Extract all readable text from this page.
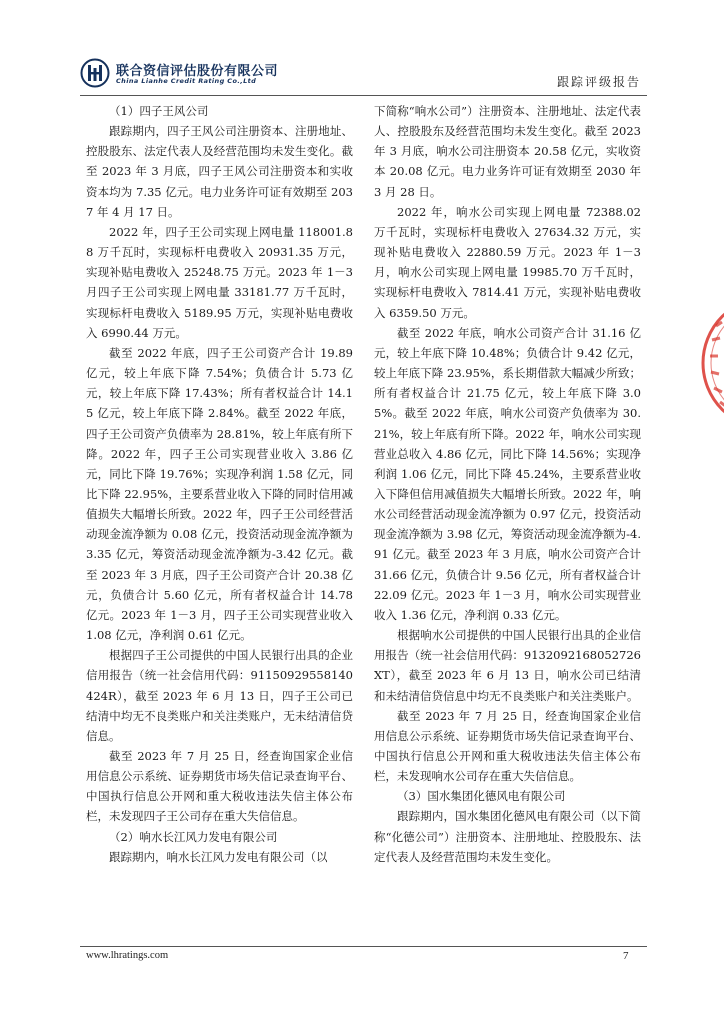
联合资信评估股份有限公司
China Lianhe Credit Rating Co.,Ltd	跟踪评级报告
（1）四子王风公司

跟踪期内，四子王风公司注册资本、注册地址、控股股东、法定代表人及经营范围均未发生变化。截至 2023 年 3 月底，四子王风公司注册资本和实收资本均为 7.35 亿元。电力业务许可证有效期至 2037 年 4 月 17 日。

2022 年，四子王公司实现上网电量 118001.88 万千瓦时，实现标杆电费收入 20931.35 万元，实现补贴电费收入 25248.75 万元。2023 年 1－3 月四子王公司实现上网电量 33181.77 万千瓦时，实现标杆电费收入 5189.95 万元，实现补贴电费收入 6990.44 万元。

截至 2022 年底，四子王公司资产合计 19.89 亿元，较上年底下降 7.54%；负债合计 5.73 亿元，较上年底下降 17.43%；所有者权益合计 14.15 亿元，较上年底下降 2.84%。截至 2022 年底，四子王公司资产负债率为 28.81%，较上年底有所下降。2022 年，四子王公司实现营业收入 3.86 亿元，同比下降 19.76%；实现净利润 1.58 亿元，同比下降 22.95%，主要系营业收入下降的同时信用减值损失大幅增长所致。2022 年，四子王公司经营活动现金流净额为 0.08 亿元，投资活动现金流净额为 3.35 亿元，筹资活动现金流净额为-3.42 亿元。截至 2023 年 3 月底，四子王公司资产合计 20.38 亿元，负债合计 5.60 亿元，所有者权益合计 14.78 亿元。2023 年 1－3 月，四子王公司实现营业收入 1.08 亿元，净利润 0.61 亿元。

根据四子王公司提供的中国人民银行出具的企业信用报告（统一社会信用代码：91150929558140424R），截至 2023 年 6 月 13 日，四子王公司已结清中均无不良类账户和关注类账户，无未结清信贷信息。

截至 2023 年 7 月 25 日，经查询国家企业信用信息公示系统、证券期货市场失信记录查询平台、中国执行信息公开网和重大税收违法失信主体公布栏，未发现四子王公司存在重大失信信息。

（2）响水长江风力发电有限公司

跟踪期内，响水长江风力发电有限公司（以

下简称“响水公司”）注册资本、注册地址、法定代表人、控股股东及经营范围均未发生变化。截至 2023 年 3 月底，响水公司注册资本 20.58 亿元，实收资本 20.08 亿元。电力业务许可证有效期至 2030 年 3 月 28 日。

2022 年，响水公司实现上网电量 72388.02 万千瓦时，实现标杆电费收入 27634.32 万元，实现补贴电费收入 22880.59 万元。2023 年 1－3 月，响水公司实现上网电量 19985.70 万千瓦时，实现标杆电费收入 7814.41 万元，实现补贴电费收入 6359.50 万元。

截至 2022 年底，响水公司资产合计 31.16 亿元，较上年底下降 10.48%；负债合计 9.42 亿元，较上年底下降 23.95%，系长期借款大幅减少所致；所有者权益合计 21.75 亿元，较上年底下降 3.05%。截至 2022 年底，响水公司资产负债率为 30.21%，较上年底有所下降。2022 年，响水公司实现营业总收入 4.86 亿元，同比下降 14.56%；实现净利润 1.06 亿元，同比下降 45.24%，主要系营业收入下降但信用减值损失大幅增长所致。2022 年，响水公司经营活动现金流净额为 0.97 亿元，投资活动现金流净额为 3.98 亿元，筹资活动现金流净额为-4.91 亿元。截至 2023 年 3 月底，响水公司资产合计 31.66 亿元，负债合计 9.56 亿元，所有者权益合计 22.09 亿元。2023 年 1－3 月，响水公司实现营业收入 1.36 亿元，净利润 0.33 亿元。

根据响水公司提供的中国人民银行出具的企业信用报告（统一社会信用代码：9132092168052726XT），截至 2023 年 6 月 13 日，响水公司已结清和未结清信贷信息中均无不良类账户和关注类账户。

截至 2023 年 7 月 25 日，经查询国家企业信用信息公示系统、证券期货市场失信记录查询平台、中国执行信息公开网和重大税收违法失信主体公布栏，未发现响水公司存在重大失信信息。

（3）国水集团化德风电有限公司

跟踪期内，国水集团化德风电有限公司（以下简称“化德公司”）注册资本、注册地址、控股股东、法定代表人及经营范围均未发生变化。

www.lhratings.com	7
